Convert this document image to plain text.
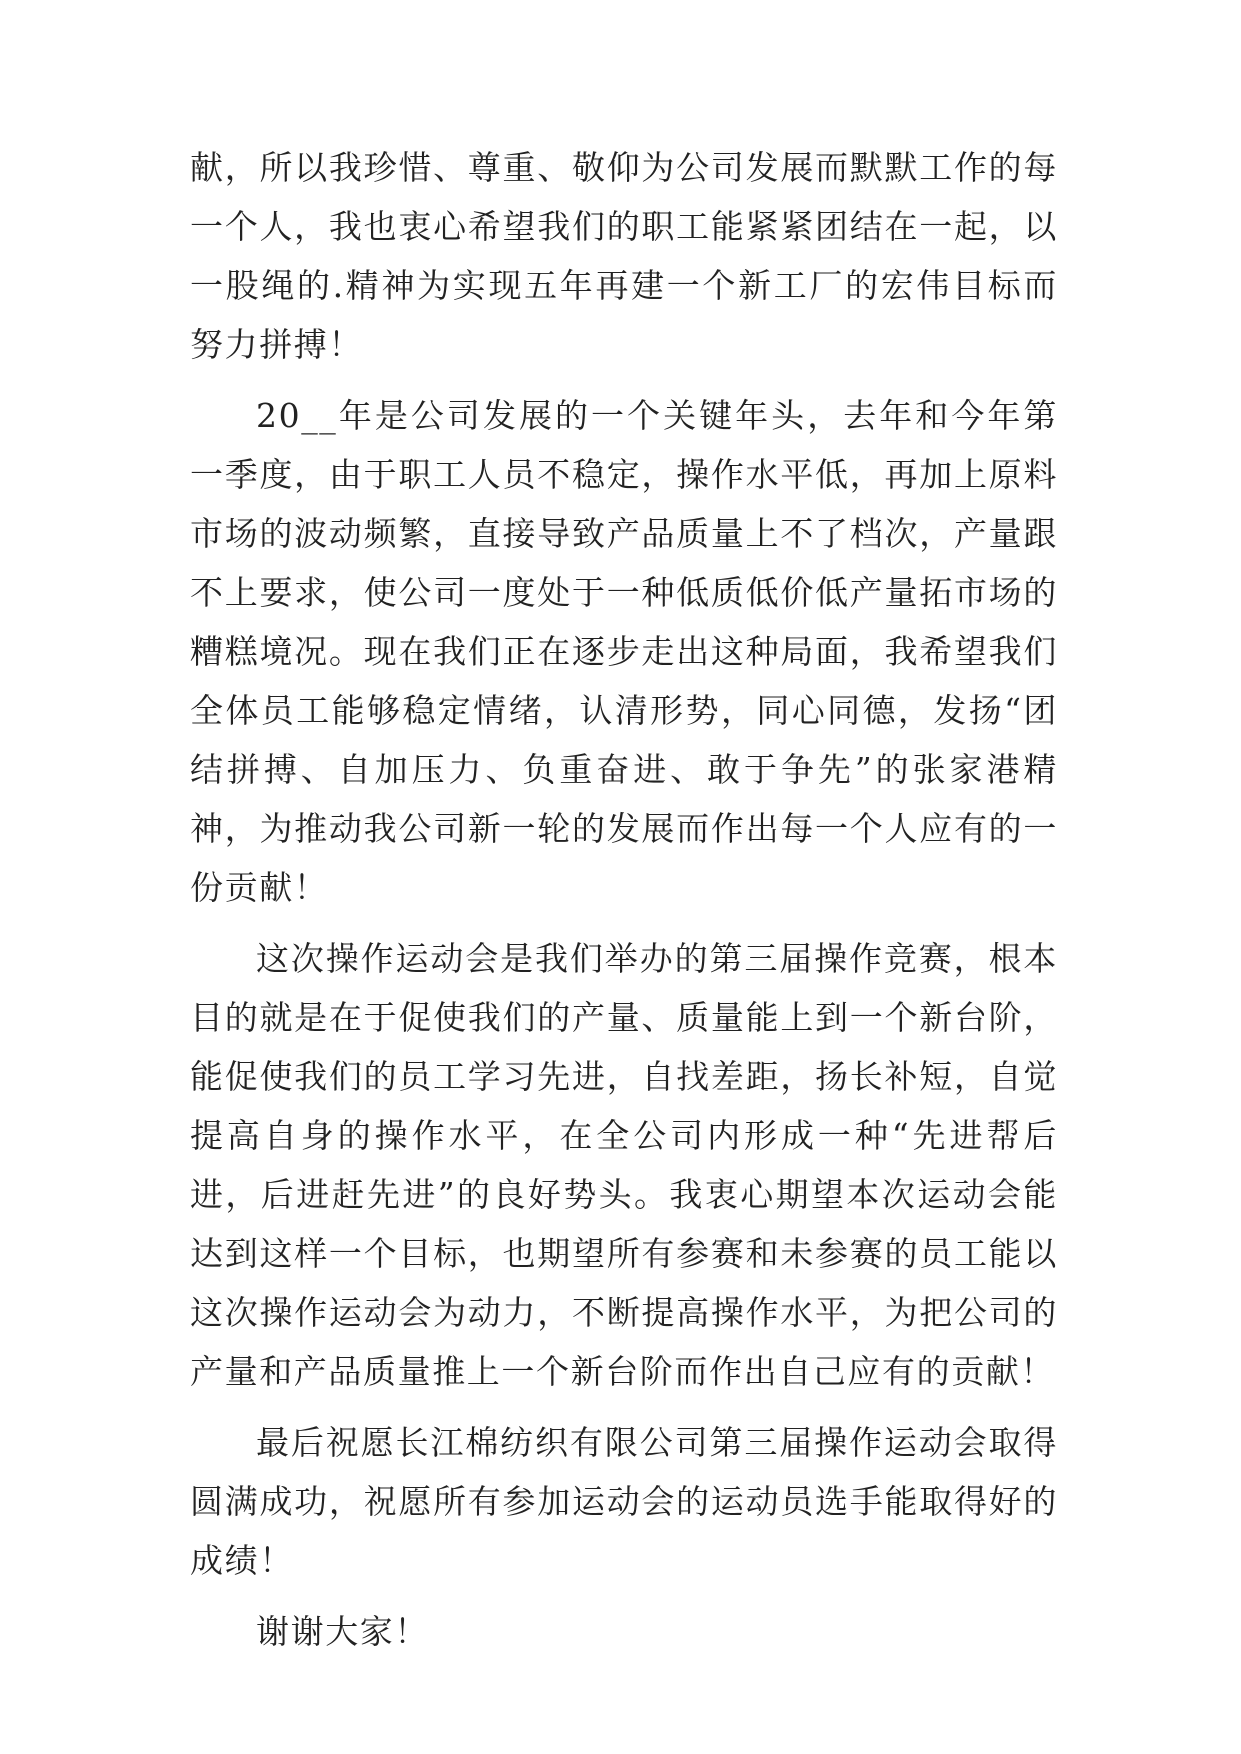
献，所以我珍惜、尊重、敬仰为公司发展而默默工作的每一个人，我也衷心希望我们的职工能紧紧团结在一起，以一股绳的.精神为实现五年再建一个新工厂的宏伟目标而努力拼搏！

20__年是公司发展的一个关键年头，去年和今年第一季度，由于职工人员不稳定，操作水平低，再加上原料市场的波动频繁，直接导致产品质量上不了档次，产量跟不上要求，使公司一度处于一种低质低价低产量拓市场的糟糕境况。现在我们正在逐步走出这种局面，我希望我们全体员工能够稳定情绪，认清形势，同心同德，发扬“团结拼搏、自加压力、负重奋进、敢于争先”的张家港精神，为推动我公司新一轮的发展而作出每一个人应有的一份贡献！

这次操作运动会是我们举办的第三届操作竞赛，根本目的就是在于促使我们的产量、质量能上到一个新台阶，能促使我们的员工学习先进，自找差距，扬长补短，自觉提高自身的操作水平，在全公司内形成一种“先进帮后进，后进赶先进”的良好势头。我衷心期望本次运动会能达到这样一个目标，也期望所有参赛和未参赛的员工能以这次操作运动会为动力，不断提高操作水平，为把公司的产量和产品质量推上一个新台阶而作出自己应有的贡献！

最后祝愿长江棉纺织有限公司第三届操作运动会取得圆满成功，祝愿所有参加运动会的运动员选手能取得好的成绩！

谢谢大家！
